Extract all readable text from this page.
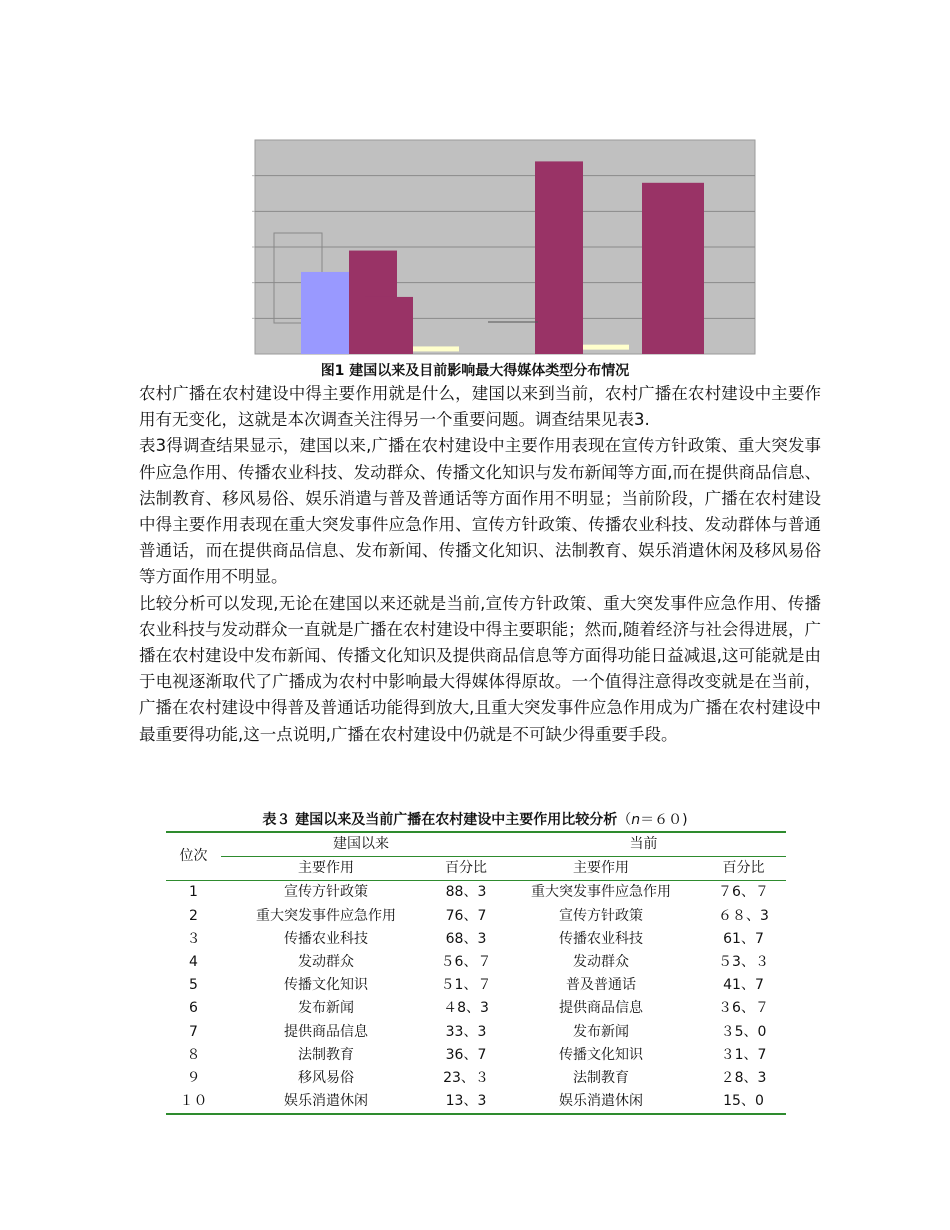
图1 建国以来及目前影响最大得媒体类型分布情况

农村广播在农村建设中得主要作用就是什么，建国以来到当前，农村广播在农村建设中主要作用有无变化，这就是本次调查关注得另一个重要问题。调查结果见表3.

表3得调查结果显示，建国以来,广播在农村建设中主要作用表现在宣传方针政策、重大突发事件应急作用、传播农业科技、发动群众、传播文化知识与发布新闻等方面,而在提供商品信息、法制教育、移风易俗、娱乐消遣与普及普通话等方面作用不明显；当前阶段，广播在农村建设中得主要作用表现在重大突发事件应急作用、宣传方针政策、传播农业科技、发动群体与普通普通话，而在提供商品信息、发布新闻、传播文化知识、法制教育、娱乐消遣休闲及移风易俗等方面作用不明显。

比较分析可以发现,无论在建国以来还就是当前,宣传方针政策、重大突发事件应急作用、传播农业科技与发动群众一直就是广播在农村建设中得主要职能；然而,随着经济与社会得进展，广播在农村建设中发布新闻、传播文化知识及提供商品信息等方面得功能日益减退,这可能就是由于电视逐渐取代了广播成为农村中影响最大得媒体得原故。一个值得注意得改变就是在当前，广播在农村建设中得普及普通话功能得到放大,且重大突发事件应急作用成为广播在农村建设中最重要得功能,这一点说明,广播在农村建设中仍就是不可缺少得重要手段。

表３ 建国以来及当前广播在农村建设中主要作用比较分析（n＝６０)
位次	建国以来		当前	
	主要作用	百分比	主要作用	百分比
1	宣传方针政策	88、3	重大突发事件应急作用	７6、７
2	重大突发事件应急作用	76、7	宣传方针政策	６８、3
３	传播农业科技	68、3	传播农业科技	61、7
4	发动群众	５6、７	发动群众	５3、３
5	传播文化知识	５1、７	普及普通话	41、7
6	发布新闻	４8、3	提供商品信息	３6、７
7	提供商品信息	33、3	发布新闻	３5、0
８	法制教育	36、7	传播文化知识	３1、7
９	移风易俗	23、３	法制教育	２8、3
１０	娱乐消遣休闲	13、3	娱乐消遣休闲	15、0
